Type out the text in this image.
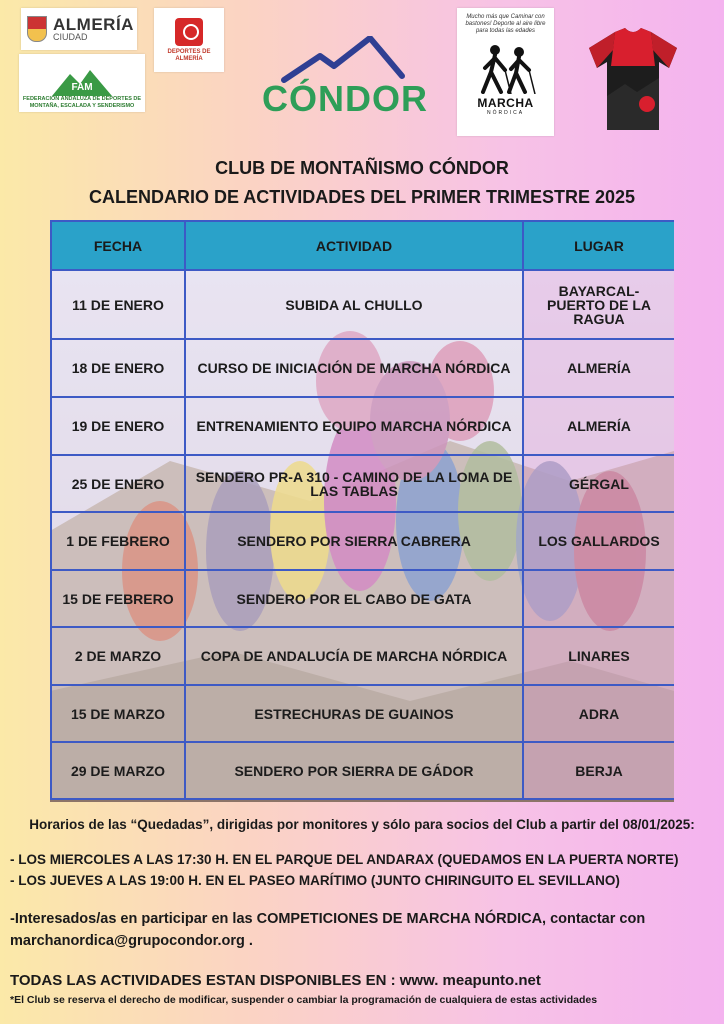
ALMERÍA
CIUDAD
DEPORTES DE ALMERÍA
FAM
FEDERACIÓN ANDALUZA DE DEPORTES DE MONTAÑA, ESCALADA Y SENDERISMO	CÓNDOR
Mucho más que Caminar con bastones! Deporte al aire libre para todas las edades
MARCHA
NÓRDICA
CLUB DE MONTAÑISMO CÓNDOR
CALENDARIO DE ACTIVIDADES DEL PRIMER TRIMESTRE 2025
FECHA	ACTIVIDAD	LUGAR
11 DE ENERO	SUBIDA AL CHULLO	BAYARCAL-PUERTO DE LA RAGUA
18 DE ENERO	CURSO DE INICIACIÓN DE MARCHA NÓRDICA	ALMERÍA
19 DE ENERO	ENTRENAMIENTO EQUIPO MARCHA NÓRDICA	ALMERÍA
25 DE ENERO	SENDERO PR-A 310 - CAMINO DE LA LOMA DE LAS TABLAS	GÉRGAL
1 DE FEBRERO	SENDERO POR SIERRA CABRERA	LOS GALLARDOS
15 DE FEBRERO	SENDERO POR EL CABO DE GATA	
2 DE MARZO	COPA DE ANDALUCÍA DE MARCHA NÓRDICA	LINARES
15 DE MARZO	ESTRECHURAS DE GUAINOS	ADRA
29 DE MARZO	SENDERO POR SIERRA DE GÁDOR	BERJA
Horarios de las “Quedadas”, dirigidas por monitores y sólo para socios del Club a partir del 08/01/2025:
- LOS MIERCOLES A LAS 17:30 H. EN EL PARQUE DEL ANDARAX (QUEDAMOS EN LA PUERTA NORTE)
- LOS JUEVES A LAS 19:00 H. EN EL PASEO MARÍTIMO (JUNTO CHIRINGUITO EL SEVILLANO)
-Interesados/as en participar en las COMPETICIONES DE MARCHA NÓRDICA, contactar con
marchanordica@grupocondor.org .
TODAS LAS ACTIVIDADES ESTAN DISPONIBLES EN : www. meapunto.net
*El Club se reserva el derecho de modificar, suspender o cambiar la programación de cualquiera de estas actividades
